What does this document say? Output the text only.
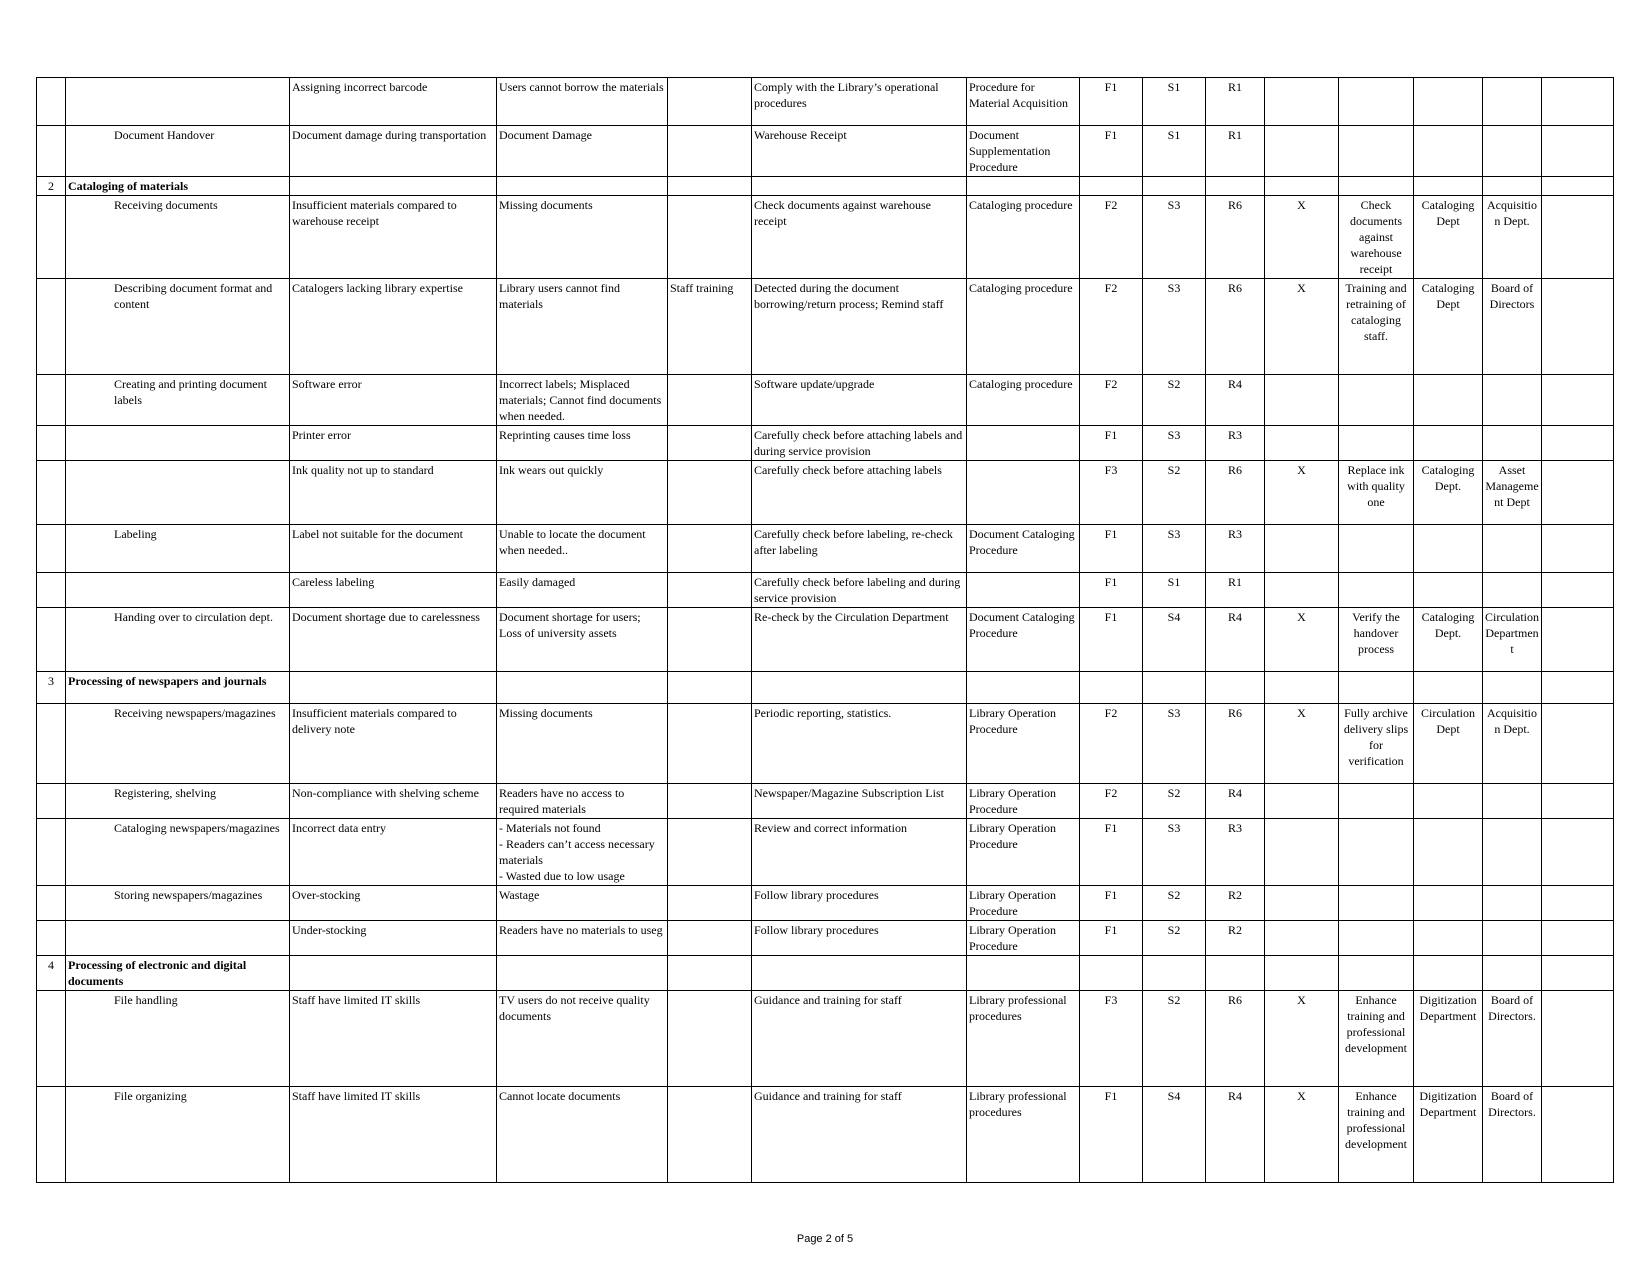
		Assigning incorrect barcode	Users cannot borrow the materials		Comply with the Library’s operational procedures	Procedure for Material Acquisition	F1	S1	R1					
	Document Handover	Document damage during transportation	Document Damage		Warehouse Receipt	Document Supplementation Procedure	F1	S1	R1					
2	Cataloging of materials													
	Receiving documents	Insufficient materials compared to warehouse receipt	Missing documents		Check documents against warehouse receipt	Cataloging procedure	F2	S3	R6	X	Check documents against warehouse receipt	Cataloging Dept	Acquisition Dept.	
	Describing document format and content	Catalogers lacking library expertise	Library users cannot find materials	Staff training	Detected during the document borrowing/return process; Remind staff	Cataloging procedure	F2	S3	R6	X	Training and retraining of cataloging staff.	Cataloging Dept	Board of Directors	
	Creating and printing document labels	Software error	Incorrect labels; Misplaced materials; Cannot find documents when needed.		Software update/upgrade	Cataloging procedure	F2	S2	R4					
		Printer error	Reprinting causes time loss		Carefully check before attaching labels and during service provision		F1	S3	R3					
		Ink quality not up to standard	Ink wears out quickly		Carefully check before attaching labels		F3	S2	R6	X	Replace ink with quality one	Cataloging Dept.	Asset Management Dept	
	Labeling	Label not suitable for the document	Unable to locate the document when needed..		Carefully check before labeling, re-check after labeling	Document Cataloging Procedure	F1	S3	R3					
		Careless labeling	Easily damaged		Carefully check before labeling and during service provision		F1	S1	R1					
	Handing over to circulation dept.	Document shortage due to carelessness	Document shortage for users; Loss of university assets		Re-check by the Circulation Department	Document Cataloging Procedure	F1	S4	R4	X	Verify the handover process	Cataloging Dept.	Circulation Department	
3	Processing of newspapers and journals													
	Receiving newspapers/magazines	Insufficient materials compared to delivery note	Missing documents		Periodic reporting, statistics.	Library Operation Procedure	F2	S3	R6	X	Fully archive delivery slips for verification	Circulation Dept	Acquisition Dept.	
	Registering, shelving	Non-compliance with shelving scheme	Readers have no access to required materials		Newspaper/Magazine Subscription List	Library Operation Procedure	F2	S2	R4					
	Cataloging newspapers/magazines	Incorrect data entry	- Materials not found
- Readers can’t access necessary materials
- Wasted due to low usage		Review and correct information	Library Operation Procedure	F1	S3	R3					
	Storing newspapers/magazines	Over-stocking	Wastage		Follow library procedures	Library Operation Procedure	F1	S2	R2					
		Under-stocking	Readers have no materials to useg		Follow library procedures	Library Operation Procedure	F1	S2	R2					
4	Processing of electronic and digital documents													
	File handling	Staff have limited IT skills	TV users do not receive quality documents		Guidance and training for staff	Library professional procedures	F3	S2	R6	X	Enhance training and professional development	Digitization Department	Board of Directors.	
	File organizing	Staff have limited IT skills	Cannot locate documents		Guidance and training for staff	Library professional procedures	F1	S4	R4	X	Enhance training and professional development	Digitization Department	Board of Directors.	
Page 2 of 5
